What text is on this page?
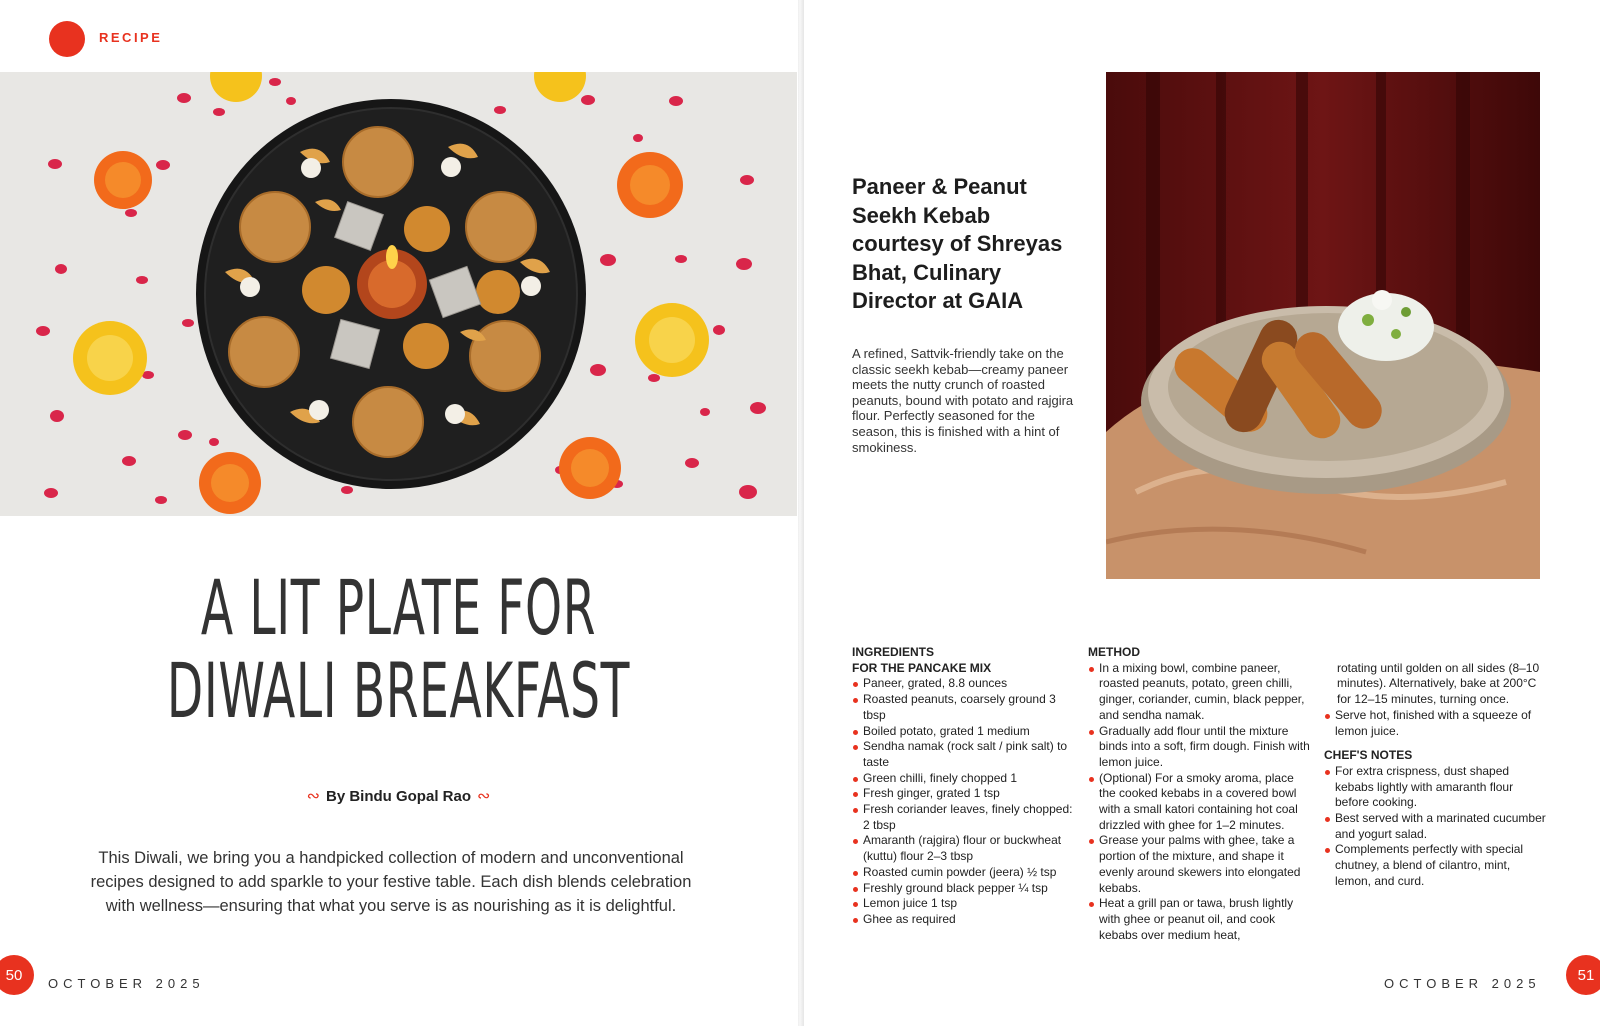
RECIPE
A LIT PLATE FOR
DIWALI BREAKFAST
∾ By Bindu Gopal Rao ∾
This Diwali, we bring you a handpicked collection of modern and unconventional recipes designed to add sparkle to your festive table. Each dish blends celebration with wellness—ensuring that what you serve is as nourishing as it is delightful.
50	OCTOBER 2025
Paneer & Peanut Seekh Kebab courtesy of Shreyas Bhat, Culinary Director at GAIA
A refined, Sattvik-friendly take on the classic seekh kebab—creamy paneer meets the nutty crunch of roasted peanuts, bound with potato and rajgira flour. Perfectly seasoned for the season, this is finished with a hint of smokiness.
INGREDIENTS
FOR THE PANCAKE MIX
Paneer, grated, 8.8 ounces
Roasted peanuts, coarsely ground 3 tbsp
Boiled potato, grated 1 medium
Sendha namak (rock salt / pink salt) to taste
Green chilli, finely chopped 1
Fresh ginger, grated 1 tsp
Fresh coriander leaves, finely chopped: 2 tbsp
Amaranth (rajgira) flour or buckwheat (kuttu) flour 2–3 tbsp
Roasted cumin powder (jeera) ½ tsp
Freshly ground black pepper ¼ tsp
Lemon juice 1 tsp
Ghee as required
METHOD
In a mixing bowl, combine paneer, roasted peanuts, potato, green chilli, ginger, coriander, cumin, black pepper, and sendha namak.
Gradually add flour until the mixture binds into a soft, firm dough. Finish with lemon juice.
(Optional) For a smoky aroma, place the cooked kebabs in a covered bowl with a small katori containing hot coal drizzled with ghee for 1–2 minutes.
Grease your palms with ghee, take a portion of the mixture, and shape it evenly around skewers into elongated kebabs.
Heat a grill pan or tawa, brush lightly with ghee or peanut oil, and cook kebabs over medium heat,
rotating until golden on all sides (8–10 minutes). Alternatively, bake at 200°C for 12–15 minutes, turning once.
Serve hot, finished with a squeeze of lemon juice.
CHEF'S NOTES
For extra crispness, dust shaped kebabs lightly with amaranth flour before cooking.
Best served with a marinated cucumber and yogurt salad.
Complements perfectly with special chutney, a blend of cilantro, mint, lemon, and curd.
OCTOBER 2025	51
